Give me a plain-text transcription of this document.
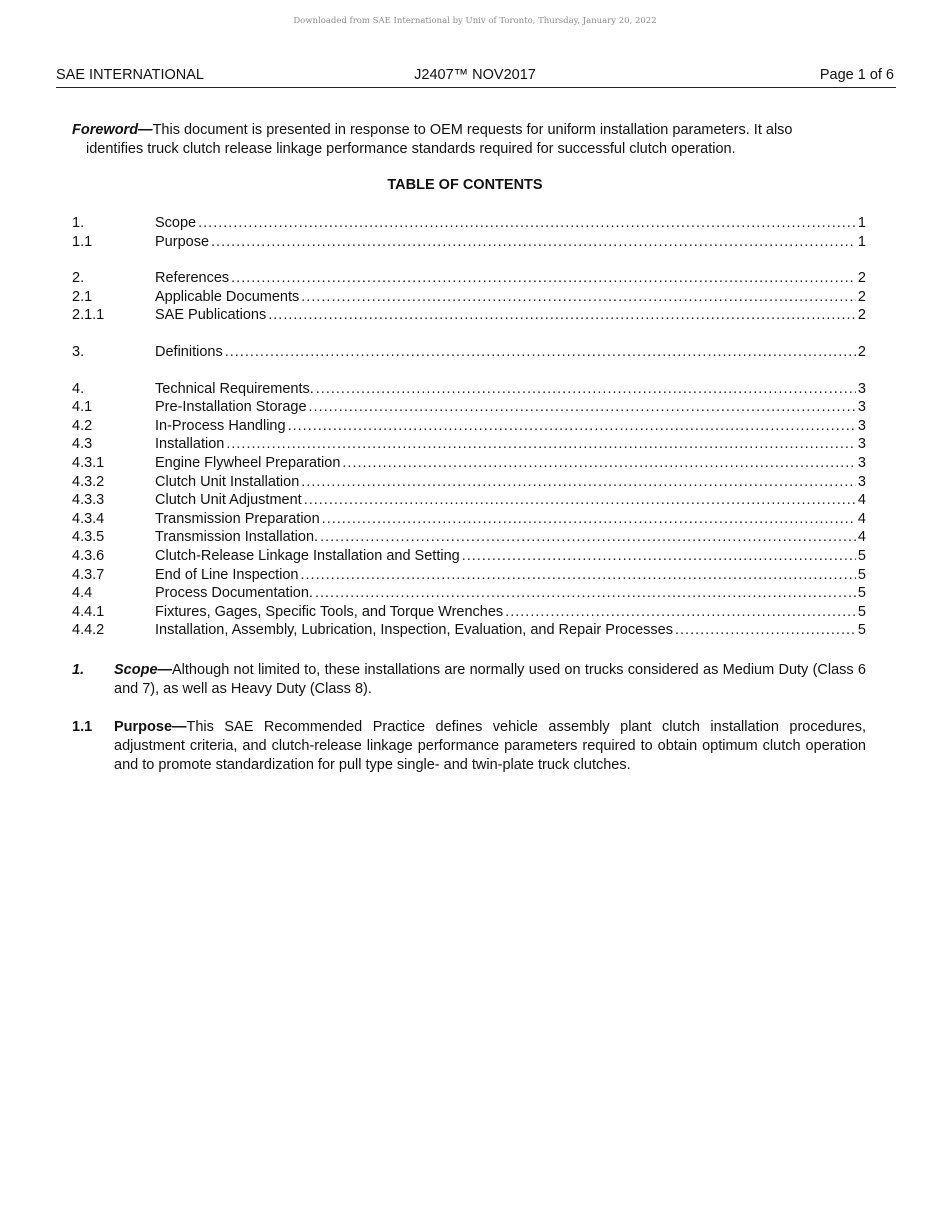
Downloaded from SAE International by Univ of Toronto, Thursday, January 20, 2022
SAE INTERNATIONAL	J2407™ NOV2017	Page 1 of 6
Foreword—This document is presented in response to OEM requests for uniform installation parameters. It also
identifies truck clutch release linkage performance standards required for successful clutch operation.
TABLE OF CONTENTS
1.	Scope .....	1
1.1	Purpose .....	1
2.	References .....	2
2.1	Applicable Documents .....	2
2.1.1	SAE Publications .....	2
3.	Definitions .....	2
4.	Technical Requirements. .....	3
4.1	Pre-Installation Storage .....	3
4.2	In-Process Handling .....	3
4.3	Installation .....	3
4.3.1	Engine Flywheel Preparation .....	3
4.3.2	Clutch Unit Installation .....	3
4.3.3	Clutch Unit Adjustment .....	4
4.3.4	Transmission Preparation .....	4
4.3.5	Transmission Installation. .....	4
4.3.6	Clutch-Release Linkage Installation and Setting .....	5
4.3.7	End of Line Inspection .....	5
4.4	Process Documentation. .....	5
4.4.1	Fixtures, Gages, Specific Tools, and Torque Wrenches .....	5
4.4.2	Installation, Assembly, Lubrication, Inspection, Evaluation, and Repair Processes .....	5
1. Scope—Although not limited to, these installations are normally used on trucks considered as Medium Duty (Class 6 and 7), as well as Heavy Duty (Class 8).
1.1 Purpose—This SAE Recommended Practice defines vehicle assembly plant clutch installation procedures, adjustment criteria, and clutch-release linkage performance parameters required to obtain optimum clutch operation and to promote standardization for pull type single- and twin-plate truck clutches.
